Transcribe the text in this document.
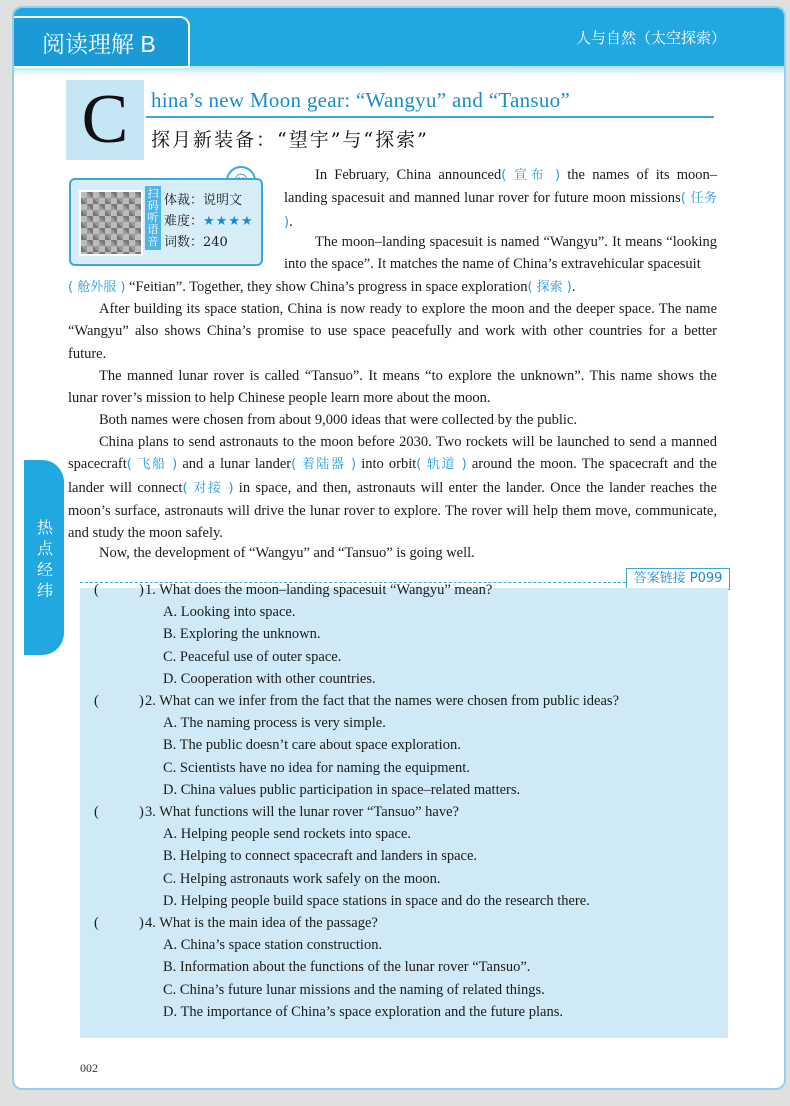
阅读理解 B	人与自然（太空探索）
C	hina’s new Moon gear: “Wangyu” and “Tansuo”
探月新装备：“望宇”与“探索”
扫码听语音
体裁：说明文
难度：★★★★
词数：240

In February, China announced( 宣布 ) the names of its moon–landing spacesuit and manned lunar rover for future moon missions( 任务 ).

The moon–landing spacesuit is named “Wangyu”. It means “looking into the space”. It matches the name of China’s extravehicular spacesuit

( 舱外服 ) “Feitian”. Together, they show China’s progress in space exploration( 探索 ).

After building its space station, China is now ready to explore the moon and the deeper space. The name “Wangyu” also shows China’s promise to use space peacefully and work with other countries for a better future.

The manned lunar rover is called “Tansuo”. It means “to explore the unknown”. This name shows the lunar rover’s mission to help Chinese people learn more about the moon.

Both names were chosen from about 9,000 ideas that were collected by the public.

China plans to send astronauts to the moon before 2030. Two rockets will be launched to send a manned spacecraft( 飞船 ) and a lunar lander( 着陆器 ) into orbit( 轨道 ) around the moon. The spacecraft and the lander will connect( 对接 ) in space, and then, astronauts will enter the lander. Once the lander reaches the moon’s surface, astronauts will drive the lunar rover to explore. The rover will help them move, communicate, and study the moon safely.

Now, the development of “Wangyu” and “Tansuo” is going well.

热点经纬
答案链接 P099
002
(	) 1. What does the moon–landing spacesuit “Wangyu” mean?
A. Looking into space.
B. Exploring the unknown.
C. Peaceful use of outer space.
D. Cooperation with other countries.
(	) 2. What can we infer from the fact that the names were chosen from public ideas?
A. The naming process is very simple.
B. The public doesn’t care about space exploration.
C. Scientists have no idea for naming the equipment.
D. China values public participation in space–related matters.
(	) 3. What functions will the lunar rover “Tansuo” have?
A. Helping people send rockets into space.
B. Helping to connect spacecraft and landers in space.
C. Helping astronauts work safely on the moon.
D. Helping people build space stations in space and do the research there.
(	) 4. What is the main idea of the passage?
A. China’s space station construction.
B. Information about the functions of the lunar rover “Tansuo”.
C. China’s future lunar missions and the naming of related things.
D. The importance of China’s space exploration and the future plans.
